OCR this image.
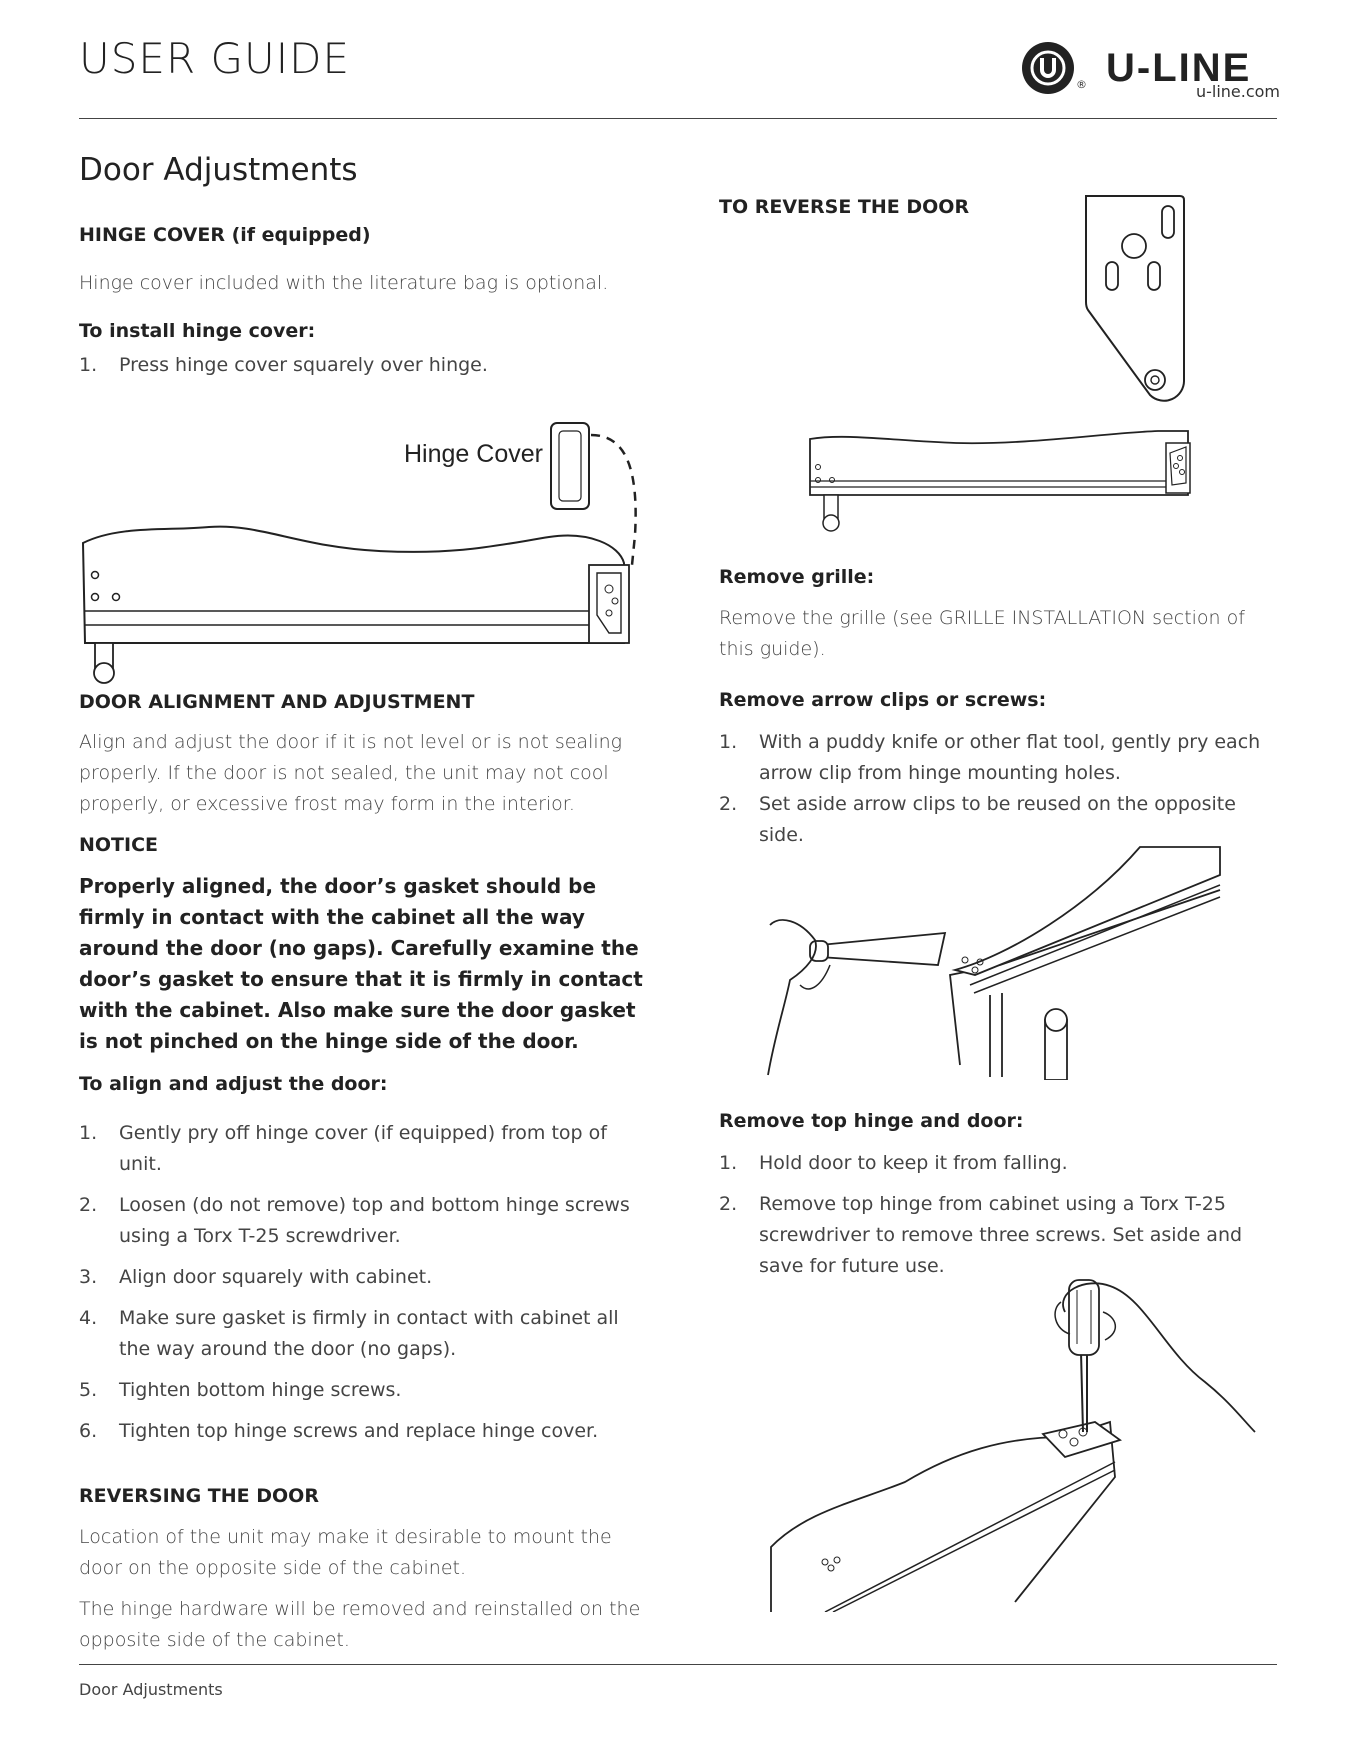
USER GUIDE
® U-LINE
u-line.com
Door Adjustments
HINGE COVER (if equipped)

Hinge cover included with the literature bag is optional.

To install hinge cover:
1. Press hinge cover squarely over hinge.
Hinge Cover
DOOR ALIGNMENT AND ADJUSTMENT

Align and adjust the door if it is not level or is not sealing properly. If the door is not sealed, the unit may not cool properly, or excessive frost may form in the interior.

NOTICE

Properly aligned, the door’s gasket should be firmly in contact with the cabinet all the way around the door (no gaps). Carefully examine the door’s gasket to ensure that it is firmly in contact with the cabinet. Also make sure the door gasket is not pinched on the hinge side of the door.

To align and adjust the door:
1. Gently pry off hinge cover (if equipped) from top of unit.
2. Loosen (do not remove) top and bottom hinge screws using a Torx T-25 screwdriver.
3. Align door squarely with cabinet.
4. Make sure gasket is firmly in contact with cabinet all the way around the door (no gaps).
5. Tighten bottom hinge screws.
6. Tighten top hinge screws and replace hinge cover.
REVERSING THE DOOR

Location of the unit may make it desirable to mount the door on the opposite side of the cabinet.

The hinge hardware will be removed and reinstalled on the opposite side of the cabinet.

TO REVERSE THE DOOR
Remove grille:

Remove the grille (see GRILLE INSTALLATION section of this guide).

Remove arrow clips or screws:
1. With a puddy knife or other flat tool, gently pry each arrow clip from hinge mounting holes.
2. Set aside arrow clips to be reused on the opposite side.
Remove top hinge and door:
1. Hold door to keep it from falling.
2. Remove top hinge from cabinet using a Torx T-25 screwdriver to remove three screws. Set aside and save for future use.
Door Adjustments
